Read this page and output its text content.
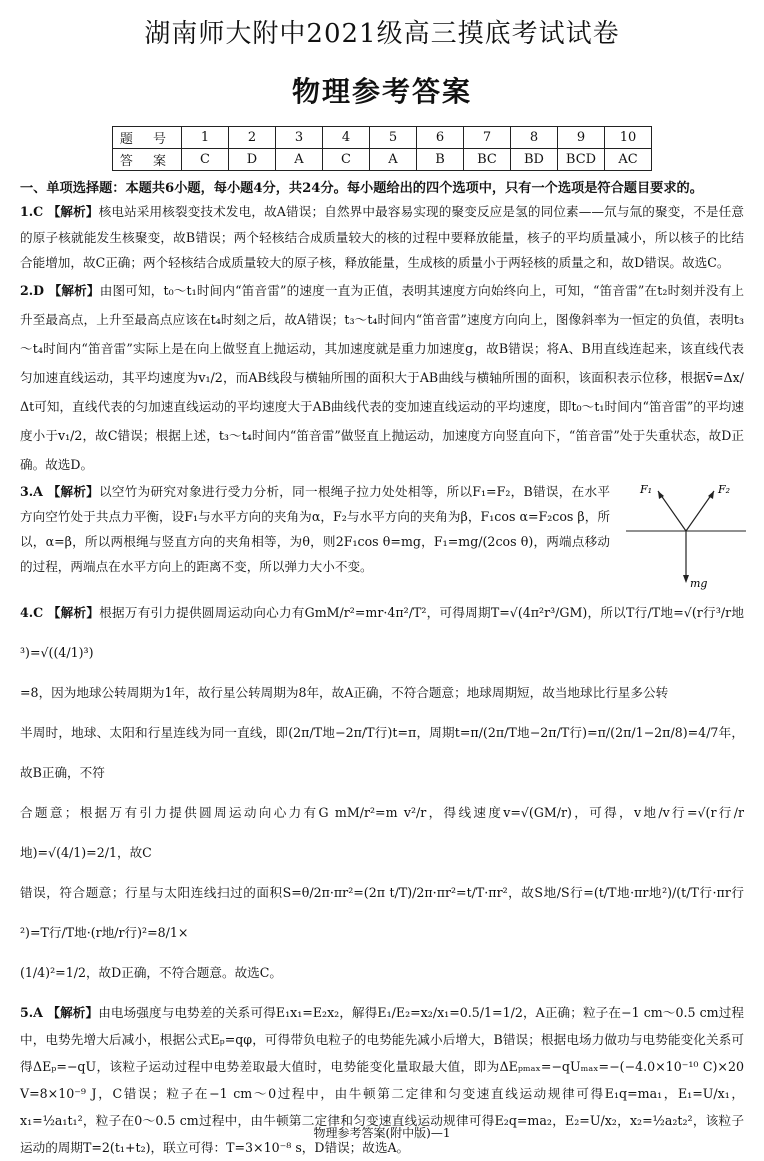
湖南师大附中2021级高三摸底考试试卷
物理参考答案
题 号	1	2	3	4	5	6	7	8	9	10
答 案	C	D	A	C	A	B	BC	BD	BCD	AC
一、单项选择题：本题共6小题，每小题4分，共24分。每小题给出的四个选项中，只有一个选项是符合题目要求的。

1.C 【解析】核电站采用核裂变技术发电，故A错误；自然界中最容易实现的聚变反应是氢的同位素——氘与氚的聚变，不是任意的原子核就能发生核聚变，故B错误；两个轻核结合成质量较大的核的过程中要释放能量，核子的平均质量减小，所以核子的比结合能增加，故C正确；两个轻核结合成质量较大的原子核，释放能量，生成核的质量小于两轻核的质量之和，故D错误。故选C。

2.D 【解析】由图可知，t₀～t₁时间内“笛音雷”的速度一直为正值，表明其速度方向始终向上，可知，“笛音雷”在t₂时刻并没有上升至最高点，上升至最高点应该在t₄时刻之后，故A错误；t₃～t₄时间内“笛音雷”速度方向向上，图像斜率为一恒定的负值，表明t₃～t₄时间内“笛音雷”实际上是在向上做竖直上抛运动，其加速度就是重力加速度g，故B错误；将A、B用直线连起来，该直线代表匀加速直线运动，其平均速度为v₁/2，而AB线段与横轴所围的面积大于AB曲线与横轴所围的面积，该面积表示位移，根据v̄=Δx/Δt可知，直线代表的匀加速直线运动的平均速度大于AB曲线代表的变加速直线运动的平均速度，即t₀～t₁时间内“笛音雷”的平均速度小于v₁/2，故C错误；根据上述，t₃～t₄时间内“笛音雷”做竖直上抛运动，加速度方向竖直向下，“笛音雷”处于失重状态，故D正确。故选D。

3.A 【解析】以空竹为研究对象进行受力分析，同一根绳子拉力处处相等，所以F₁=F₂，B错误，在水平方向空竹处于共点力平衡，设F₁与水平方向的夹角为α，F₂与水平方向的夹角为β，F₁cos α=F₂cos β，所以，α=β，所以两根绳与竖直方向的夹角相等，为θ，则2F₁cos θ=mg，F₁=mg/(2cos θ)，两端点移动的过程，两端点在水平方向上的距离不变，所以弹力大小不变。

F₁	F₂
mg
4.C 【解析】根据万有引力提供圆周运动向心力有GmM/r²=mr·4π²/T²，可得周期T=√(4π²r³/GM)，所以T行/T地=√(r行³/r地³)=√((4/1)³)
=8，因为地球公转周期为1年，故行星公转周期为8年，故A正确，不符合题意；地球周期短，故当地球比行星多公转
半周时，地球、太阳和行星连线为同一直线，即(2π/T地−2π/T行)t=π，周期t=π/(2π/T地−2π/T行)=π/(2π/1−2π/8)=4/7年，故B正确，不符
合题意；根据万有引力提供圆周运动向心力有G mM/r²=m v²/r，得线速度v=√(GM/r)，可得，v地/v行=√(r行/r地)=√(4/1)=2/1，故C
错误，符合题意；行星与太阳连线扫过的面积S=θ/2π·πr²=(2π t/T)/2π·πr²=t/T·πr²，故S地/S行=(t/T地·πr地²)/(t/T行·πr行²)=T行/T地·(r地/r行)²=8/1×
(1/4)²=1/2，故D正确，不符合题意。故选C。

5.A 【解析】由电场强度与电势差的关系可得E₁x₁=E₂x₂，解得E₁/E₂=x₂/x₁=0.5/1=1/2，A正确；粒子在−1 cm～0.5 cm过程中，电势先增大后减小，根据公式Eₚ=qφ，可得带负电粒子的电势能先减小后增大，B错误；根据电场力做功与电势能变化关系可得ΔEₚ=−qU，该粒子运动过程中电势差取最大值时，电势能变化量取最大值，即为ΔEₚₘₐₓ=−qUₘₐₓ=−(−4.0×10⁻¹⁰ C)×20 V=8×10⁻⁹ J，C错误；粒子在−1 cm～0过程中，由牛顿第二定律和匀变速直线运动规律可得E₁q=ma₁，E₁=U/x₁，x₁=½a₁t₁²，粒子在0～0.5 cm过程中，由牛顿第二定律和匀变速直线运动规律可得E₂q=ma₂，E₂=U/x₂，x₂=½a₂t₂²，该粒子运动的周期T=2(t₁+t₂)，联立可得：T=3×10⁻⁸ s，D错误；故选A。

物理参考答案(附中版)—1
